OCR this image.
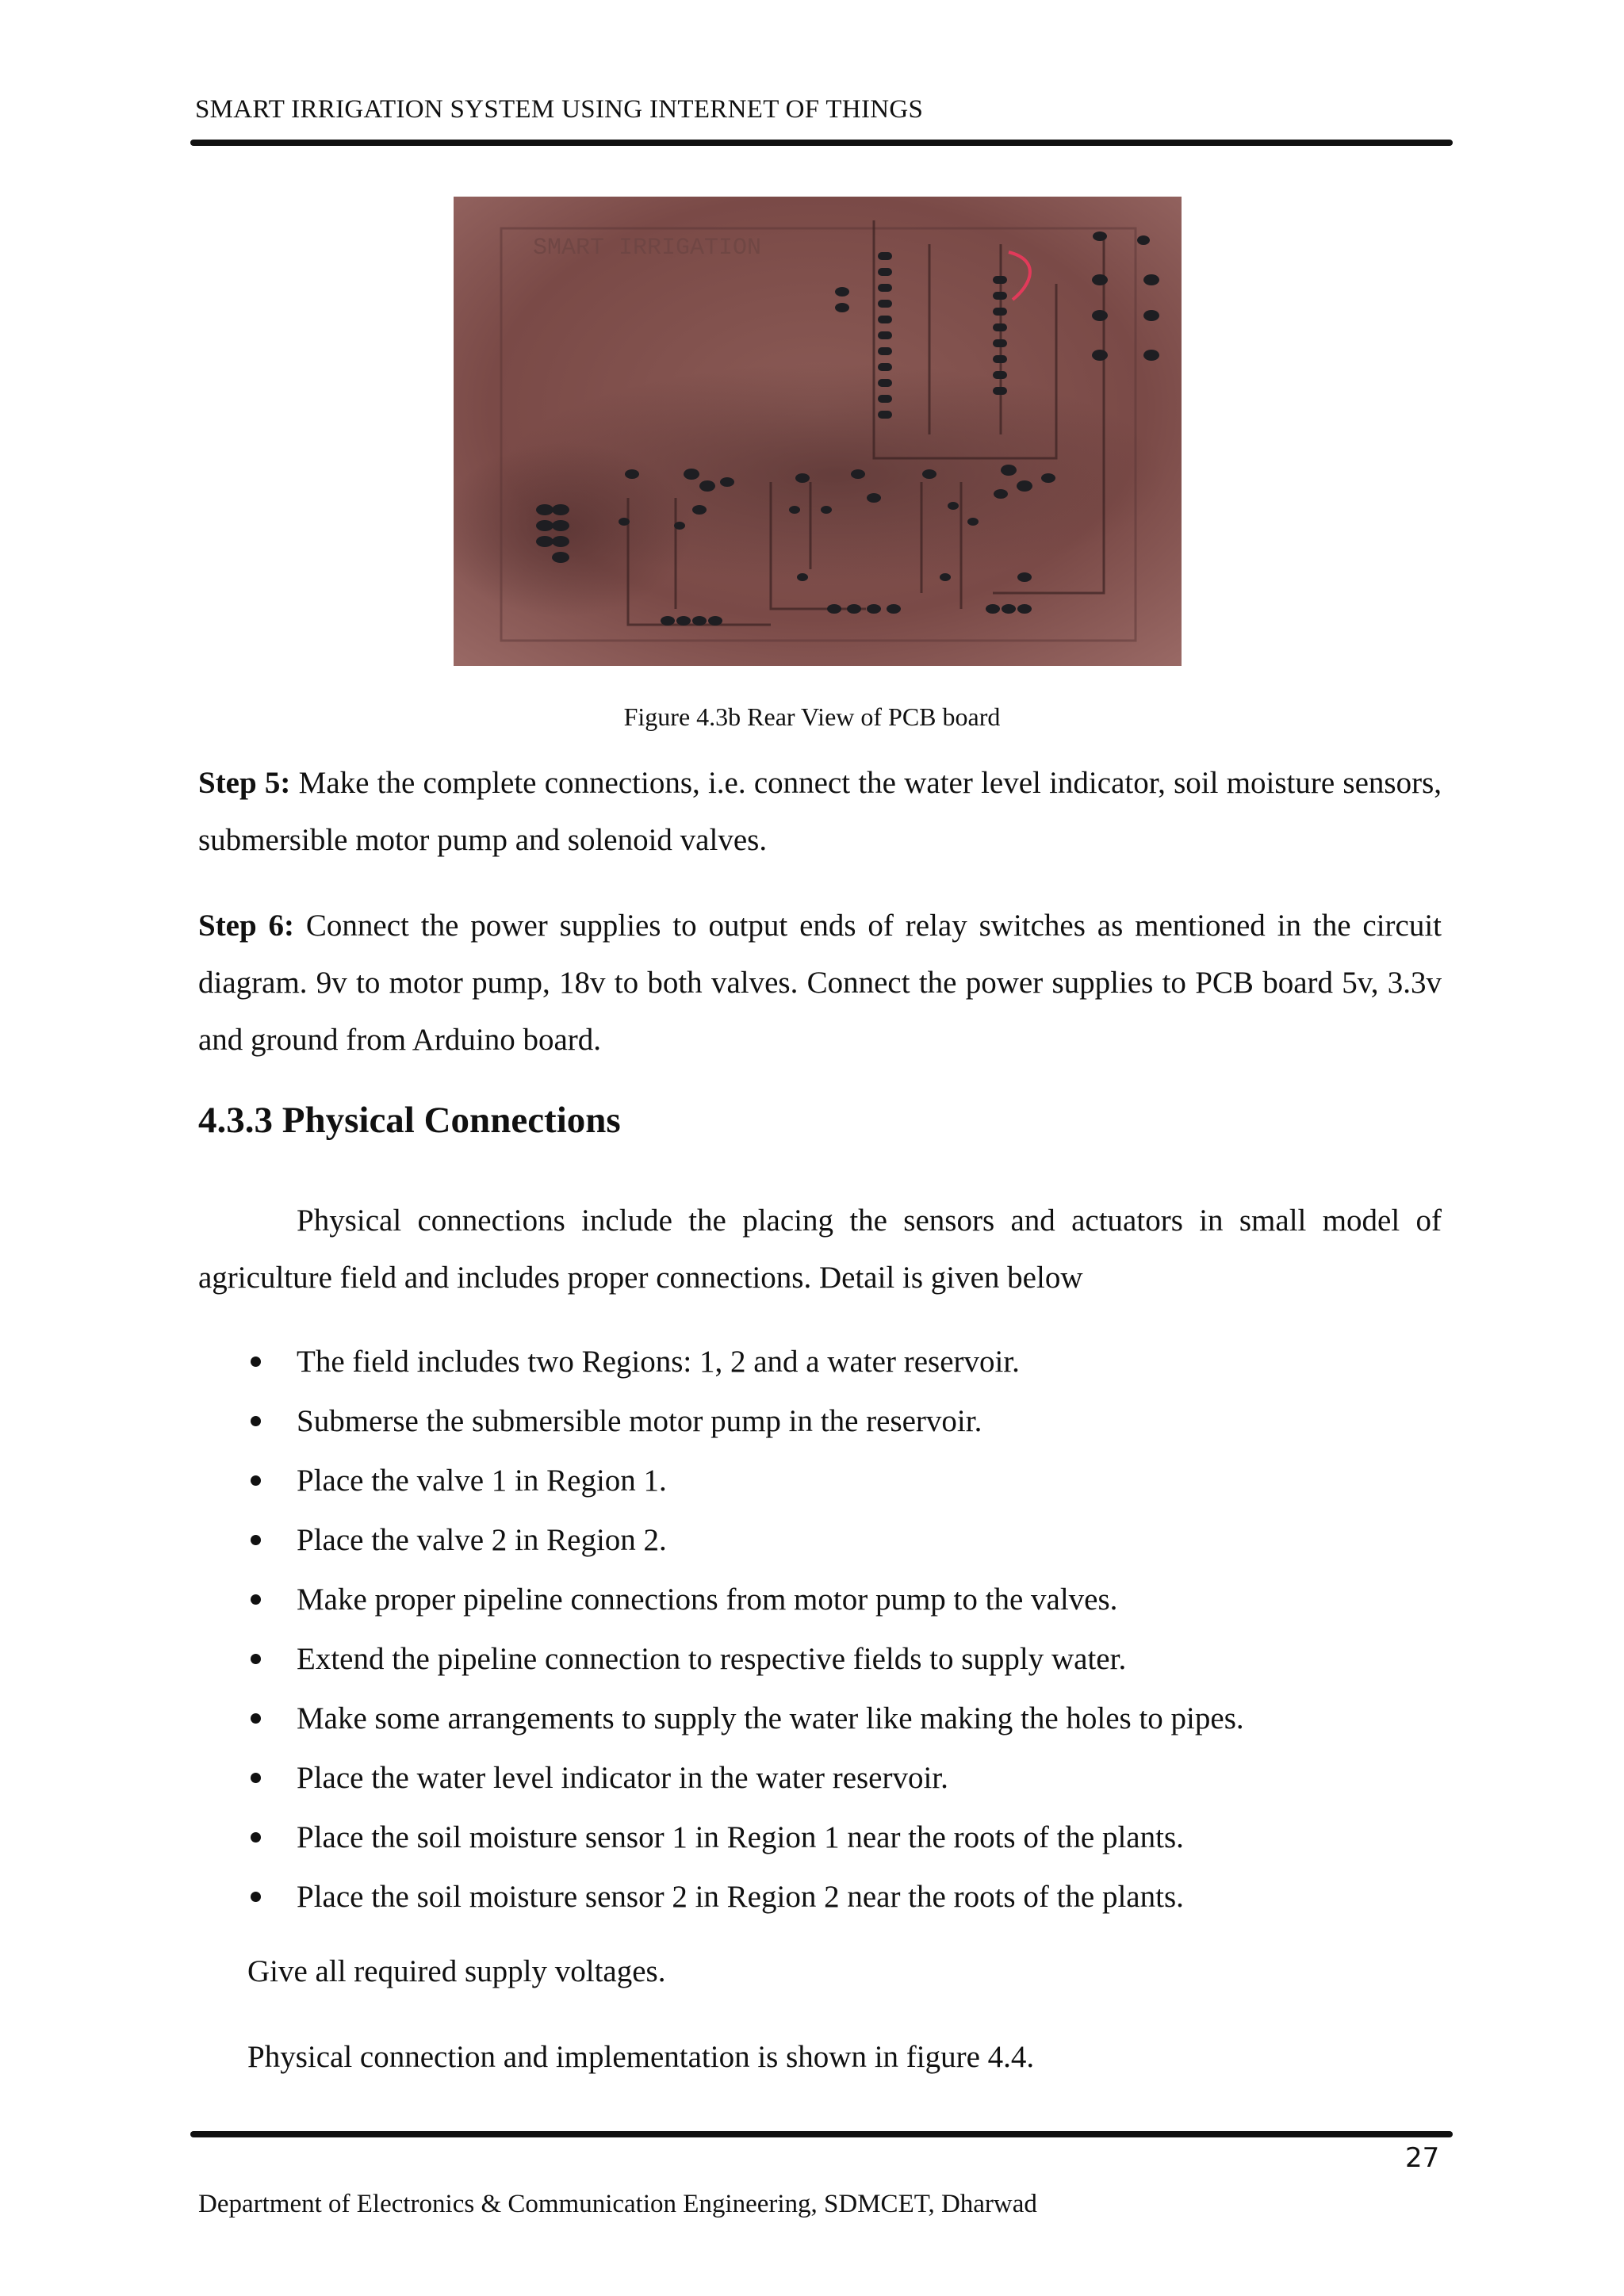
SMART IRRIGATION SYSTEM USING INTERNET OF THINGS
SMART IRRIGATION
Figure 4.3b Rear View of PCB board
Step 5: Make the complete connections, i.e. connect the water level indicator, soil moisture sensors, submersible motor pump and solenoid valves.
Step 6: Connect the power supplies to output ends of relay switches as mentioned in the circuit diagram. 9v to motor pump, 18v to both valves. Connect the power supplies to PCB board 5v, 3.3v and ground from Arduino board.
4.3.3 Physical Connections
Physical connections include the placing the sensors and actuators in small model of agriculture field and includes proper connections. Detail is given below
The field includes two Regions: 1, 2 and a water reservoir.
Submerse the submersible motor pump in the reservoir.
Place the valve 1 in Region 1.
Place the valve 2 in Region 2.
Make proper pipeline connections from motor pump to the valves.
Extend the pipeline connection to respective fields to supply water.
Make some arrangements to supply the water like making the holes to pipes.
Place the water level indicator in the water reservoir.
Place the soil moisture sensor 1 in Region 1 near the roots of the plants.
Place the soil moisture sensor 2 in Region 2 near the roots of the plants.
Give all required supply voltages.
Physical connection and implementation is shown in figure 4.4.
27
Department of Electronics & Communication Engineering, SDMCET, Dharwad
